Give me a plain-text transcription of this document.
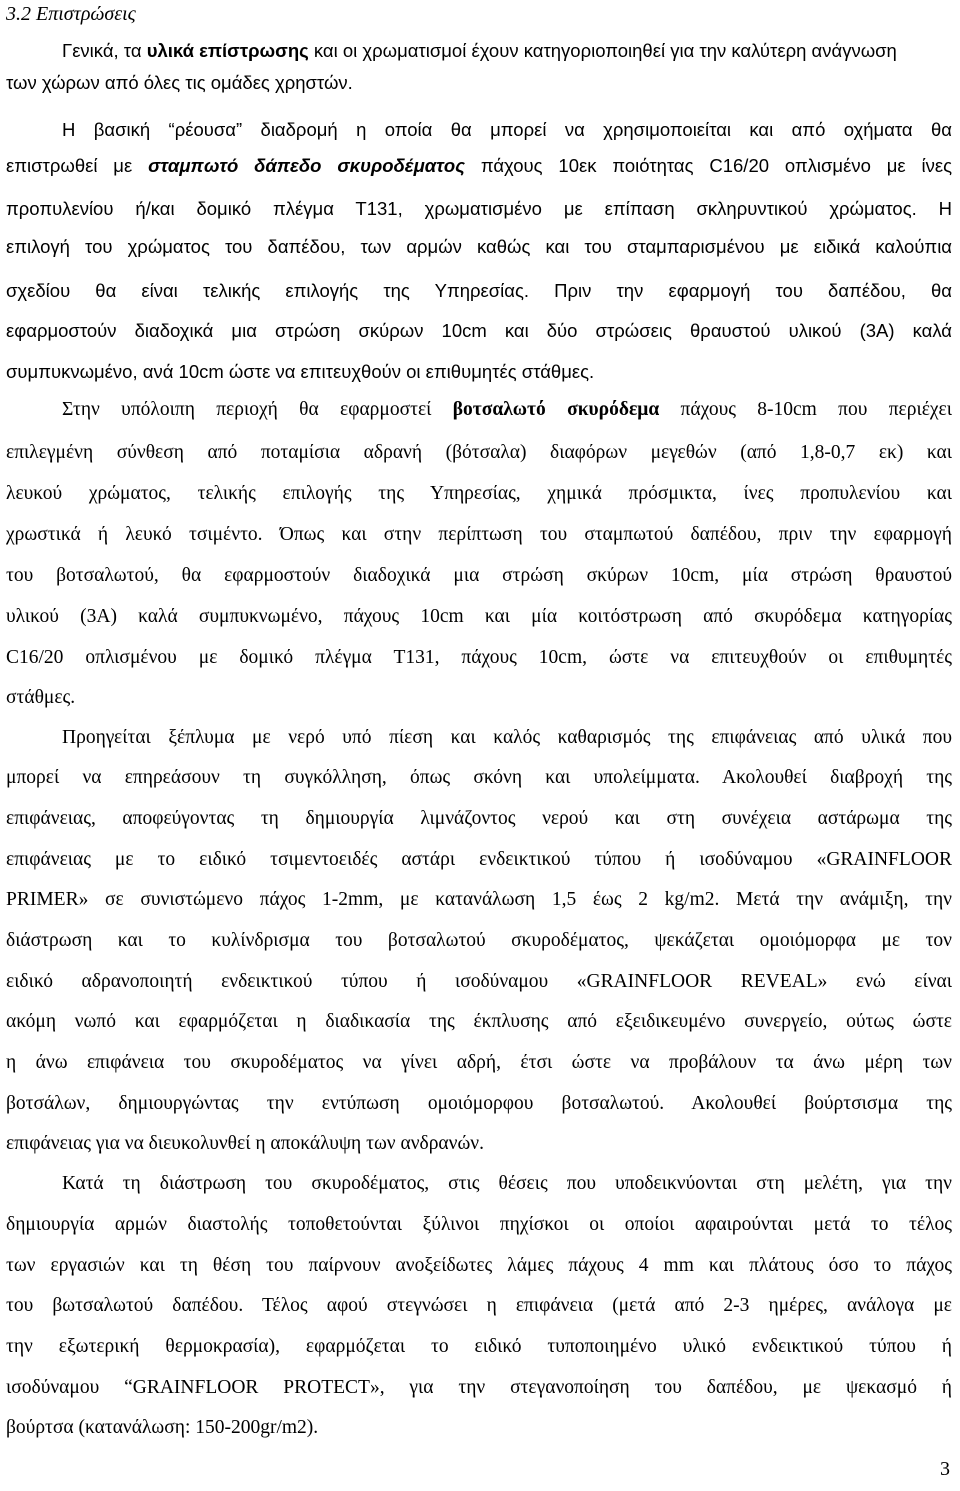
3.2 Επιστρώσεις
Γενικά, τα υλικά επίστρωσης και οι χρωματισμοί έχουν κατηγοριοποιηθεί για την καλύτερη ανάγνωση
των χώρων από όλες τις ομάδες χρηστών.
Η βασική “ρέουσα” διαδρομή η οποία θα μπορεί να χρησιμοποιείται και από οχήματα θα
επιστρωθεί με σταμπωτό δάπεδο σκυροδέματος πάχους 10εκ ποιότητας C16/20 οπλισμένο με ίνες
προπυλενίου ή/και δομικό πλέγμα Τ131, χρωματισμένο με επίπαση σκληρυντικού χρώματος. Η
επιλογή του χρώματος του δαπέδου, των αρμών καθώς και του σταμπαρισμένου με ειδικά καλούπια
σχεδίου θα είναι τελικής επιλογής της Υπηρεσίας. Πριν την εφαρμογή του δαπέδου, θα
εφαρμοστούν διαδοχικά μια στρώση σκύρων 10cm και δύο στρώσεις θραυστού υλικού (3Α) καλά
συμπυκνωμένο, ανά 10cm ώστε να επιτευχθούν οι επιθυμητές στάθμες.
Στην υπόλοιπη περιοχή θα εφαρμοστεί βοτσαλωτό σκυρόδεμα πάχους 8-10cm που περιέχει
επιλεγμένη σύνθεση από ποταμίσια αδρανή (βότσαλα) διαφόρων μεγεθών (από 1,8-0,7 εκ) και
λευκού χρώματος, τελικής επιλογής της Υπηρεσίας, χημικά πρόσμικτα, ίνες προπυλενίου και
χρωστικά ή λευκό τσιμέντο. Όπως και στην περίπτωση του σταμπωτού δαπέδου, πριν την εφαρμογή
του βοτσαλωτού, θα εφαρμοστούν διαδοχικά μια στρώση σκύρων 10cm, μία στρώση θραυστού
υλικού (3Α) καλά συμπυκνωμένο, πάχους 10cm και μία κοιτόστρωση από σκυρόδεμα κατηγορίας
C16/20 οπλισμένου με δομικό πλέγμα Τ131, πάχους 10cm, ώστε να επιτευχθούν οι επιθυμητές
στάθμες.
Προηγείται ξέπλυμα με νερό υπό πίεση και καλός καθαρισμός της επιφάνειας από υλικά που
μπορεί να επηρεάσουν τη συγκόλληση, όπως σκόνη και υπολείμματα. Ακολουθεί διαβροχή της
επιφάνειας, αποφεύγοντας τη δημιουργία λιμνάζοντος νερού και στη συνέχεια αστάρωμα της
επιφάνειας με το ειδικό τσιμεντοειδές αστάρι ενδεικτικού τύπου ή ισοδύναμου «GRAINFLOOR
PRIMER» σε συνιστώμενο πάχος 1-2mm, με κατανάλωση 1,5 έως 2 kg/m2. Μετά την ανάμιξη, την
διάστρωση και το κυλίνδρισμα του βοτσαλωτού σκυροδέματος, ψεκάζεται ομοιόμορφα με τον
ειδικό αδρανοποιητή ενδεικτικού τύπου ή ισοδύναμου «GRAINFLOOR REVEAL» ενώ είναι
ακόμη νωπό και εφαρμόζεται η διαδικασία της έκπλυσης από εξειδικευμένο συνεργείο, ούτως ώστε
η άνω επιφάνεια του σκυροδέματος να γίνει αδρή, έτσι ώστε να προβάλουν τα άνω μέρη των
βοτσάλων, δημιουργώντας την εντύπωση ομοιόμορφου βοτσαλωτού. Ακολουθεί βούρτσισμα της
επιφάνειας για να διευκολυνθεί η αποκάλυψη των ανδρανών.
Κατά τη διάστρωση του σκυροδέματος, στις θέσεις που υποδεικνύονται στη μελέτη, για την
δημιουργία αρμών διαστολής τοποθετούνται ξύλινοι πηχίσκοι οι οποίοι αφαιρούνται μετά το τέλος
των εργασιών και τη θέση του παίρνουν ανοξείδωτες λάμες πάχους 4 mm και πλάτους όσο το πάχος
του βωτσαλωτού δαπέδου. Τέλος αφού στεγνώσει η επιφάνεια (μετά από 2-3 ημέρες, ανάλογα με
την εξωτερική θερμοκρασία), εφαρμόζεται το ειδικό τυποποιημένο υλικό ενδεικτικού τύπου ή
ισοδύναμου “GRAINFLOOR PROTECT», για την στεγανοποίηση του δαπέδου, με ψεκασμό ή
βούρτσα (κατανάλωση: 150-200gr/m2).
3
